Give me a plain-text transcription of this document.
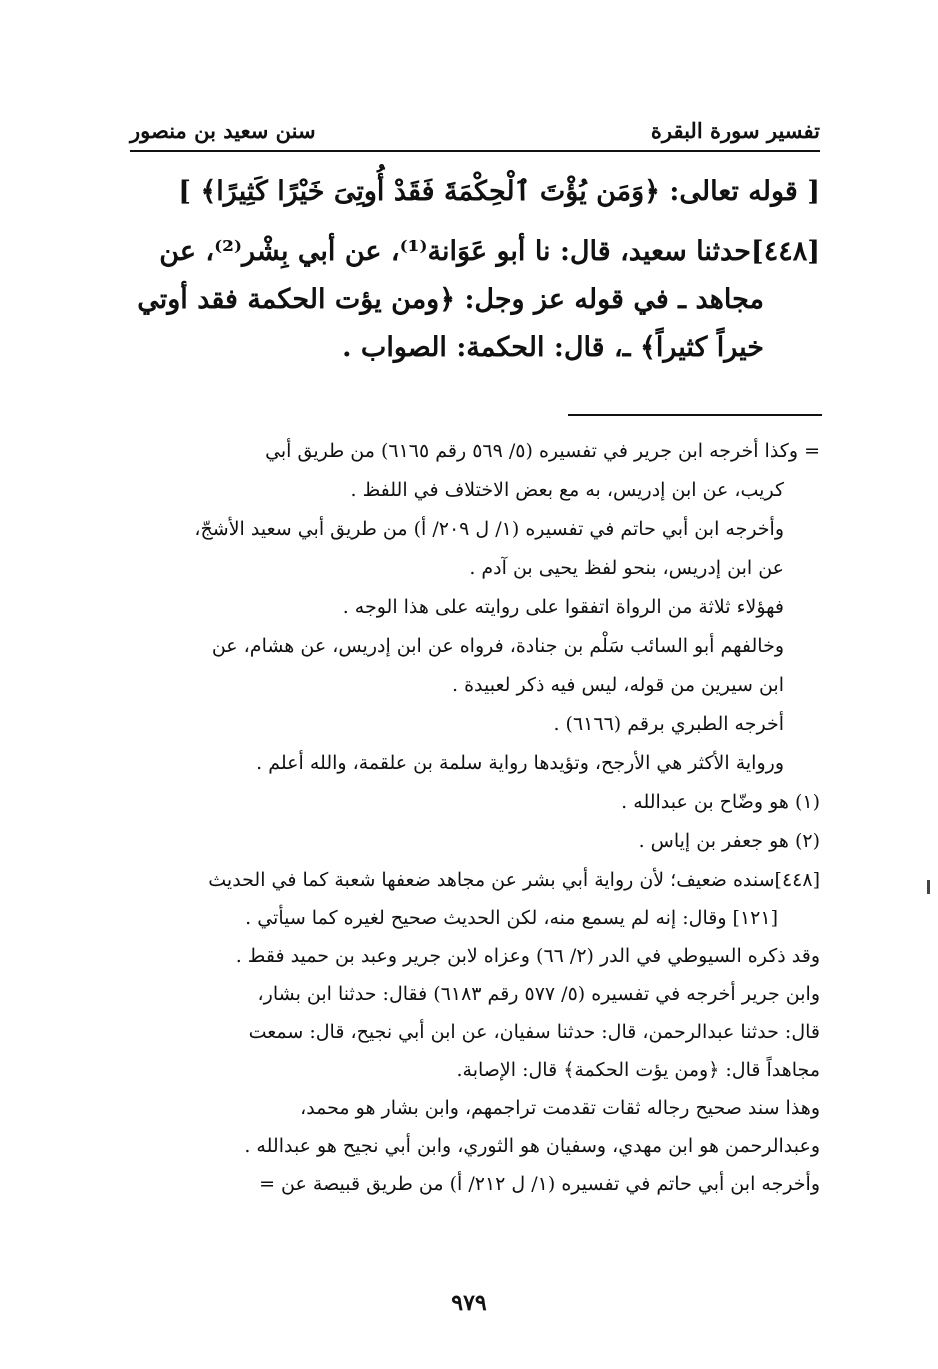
تفسير سورة البقرة
سنن سعيد بن منصور
[ قوله تعالى: ﴿وَمَن يُؤْتَ ٱلْحِكْمَةَ فَقَدْ أُوتِىَ خَيْرًا كَثِيرًا﴾ ]
[٤٤٨]حدثنا سعيد، قال: نا أبو عَوَانة⁽¹⁾، عن أبي بِشْر⁽²⁾، عن
مجاهد ـ في قوله عز وجل: ﴿ومن يؤت الحكمة فقد أوتي
خيراً كثيراً﴾ ـ، قال: الحكمة: الصواب .
= وكذا أخرجه ابن جرير في تفسيره (٥/ ٥٦٩ رقم ٦١٦٥) من طريق أبي
كريب، عن ابن إدريس، به مع بعض الاختلاف في اللفظ .
وأخرجه ابن أبي حاتم في تفسيره (١/ ل ٢٠٩/ أ) من طريق أبي سعيد الأشجّ،
عن ابن إدريس، بنحو لفظ يحيى بن آدم .
فهؤلاء ثلاثة من الرواة اتفقوا على روايته على هذا الوجه .
وخالفهم أبو السائب سَلْم بن جنادة، فرواه عن ابن إدريس، عن هشام، عن
ابن سيرين من قوله، ليس فيه ذكر لعبيدة .
أخرجه الطبري برقم (٦١٦٦) .
ورواية الأكثر هي الأرجح، وتؤيدها رواية سلمة بن علقمة، والله أعلم .
(١) هو وضّاح بن عبدالله .
(٢) هو جعفر بن إياس .
[٤٤٨]سنده ضعيف؛ لأن رواية أبي بشر عن مجاهد ضعفها شعبة كما في الحديث
[١٢١] وقال: إنه لم يسمع منه، لكن الحديث صحيح لغيره كما سيأتي .
وقد ذكره السيوطي في الدر (٢/ ٦٦) وعزاه لابن جرير وعبد بن حميد فقط .
وابن جرير أخرجه في تفسيره (٥/ ٥٧٧ رقم ٦١٨٣) فقال: حدثنا ابن بشار،
قال: حدثنا عبدالرحمن، قال: حدثنا سفيان، عن ابن أبي نجيح، قال: سمعت
مجاهداً قال: ﴿ومن يؤت الحكمة﴾ قال: الإصابة.
وهذا سند صحيح رجاله ثقات تقدمت تراجمهم، وابن بشار هو محمد،
وعبدالرحمن هو ابن مهدي، وسفيان هو الثوري، وابن أبي نجيح هو عبدالله .
وأخرجه ابن أبي حاتم في تفسيره (١/ ل ٢١٢/ أ) من طريق قبيصة عن =
٩٧٩
